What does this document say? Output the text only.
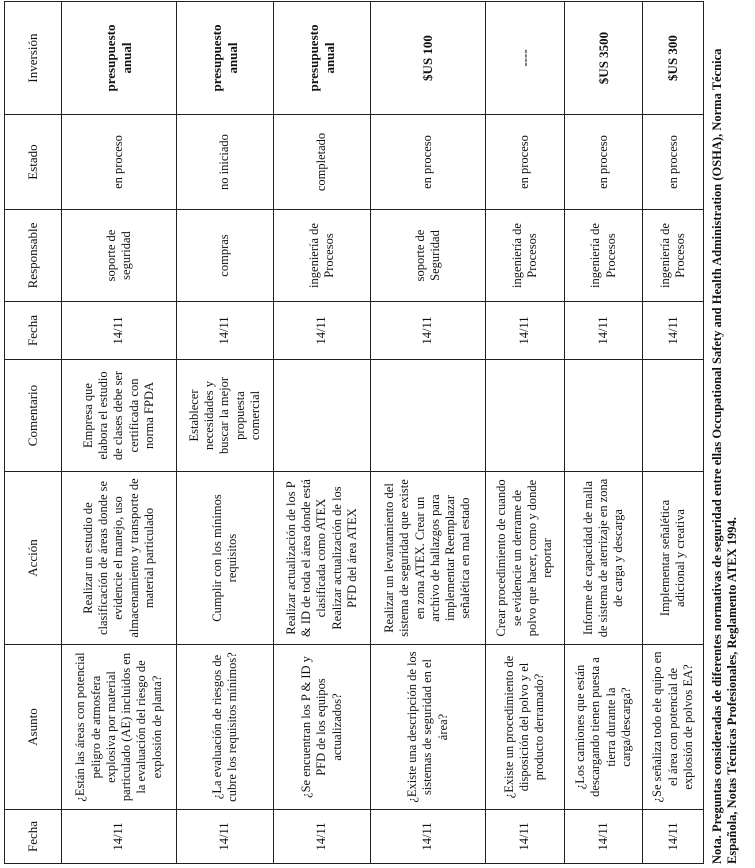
Fecha	Asunto	Acción	Comentario	Fecha	Responsable	Estado	Inversión
14/11	¿Están las áreas con potencial peligro de atmosfera explosiva por material particulado (AE) incluidos en la evaluación del riesgo de explosión de planta?	Realizar un estudio de clasificación de áreas donde se evidencie el manejo, uso almacenamiento y transporte de material particulado	Empresa que elabora el estudio de clases debe ser certificada con norma FPDA	14/11	soporte de seguridad	en proceso	presupuesto anual
14/11	¿La evaluación de riesgos de cubre los requisitos mínimos?	Cumplir con los mínimos requisitos	Establecer necesidades y buscar la mejor propuesta comercial	14/11	compras	no iniciado	presupuesto anual
14/11	¿Se encuentran los P & ID y PFD de los equipos actualizados?	Realizar actualización de los P & ID de toda el área donde está clasificada como ATEX Realizar actualización de los PFD del área ATEX		14/11	ingeniería de Procesos	completado	presupuesto anual
14/11	¿Existe una descripción de los sistemas de seguridad en el área?	Realizar un levantamiento del sistema de seguridad que existe en zona ATEX. Crear un archivo de hallazgos para implementar Reemplazar señalética en mal estado		14/11	soporte de Seguridad	en proceso	$US 100
14/11	¿Existe un procedimiento de disposición del polvo y el producto derramado?	Crear procedimiento de cuando se evidencie un derrame de polvo que hacer, como y donde reportar		14/11	ingeniería de Procesos	en proceso	----
14/11	¿Los camiones que están descargando tienen puesta a tierra durante la carga/descarga?	Informe de capacidad de malla de sistema de aterrizaje en zona de carga y descarga		14/11	ingeniería de Procesos	en proceso	$US 3500
14/11	¿Se señaliza todo ele quipo en el área con potencial de explosión de polvos EA?	Implementar señalética adicional y creativa		14/11	ingeniería de Procesos	en proceso	$US 300 Nota. Preguntas consideradas de diferentes normativas de seguridad entre ellas Occupational Safety and Health Administration (OSHA), Norma Técnica Española, Notas Técnicas Profesionales, Reglamento ATEX 1994.
